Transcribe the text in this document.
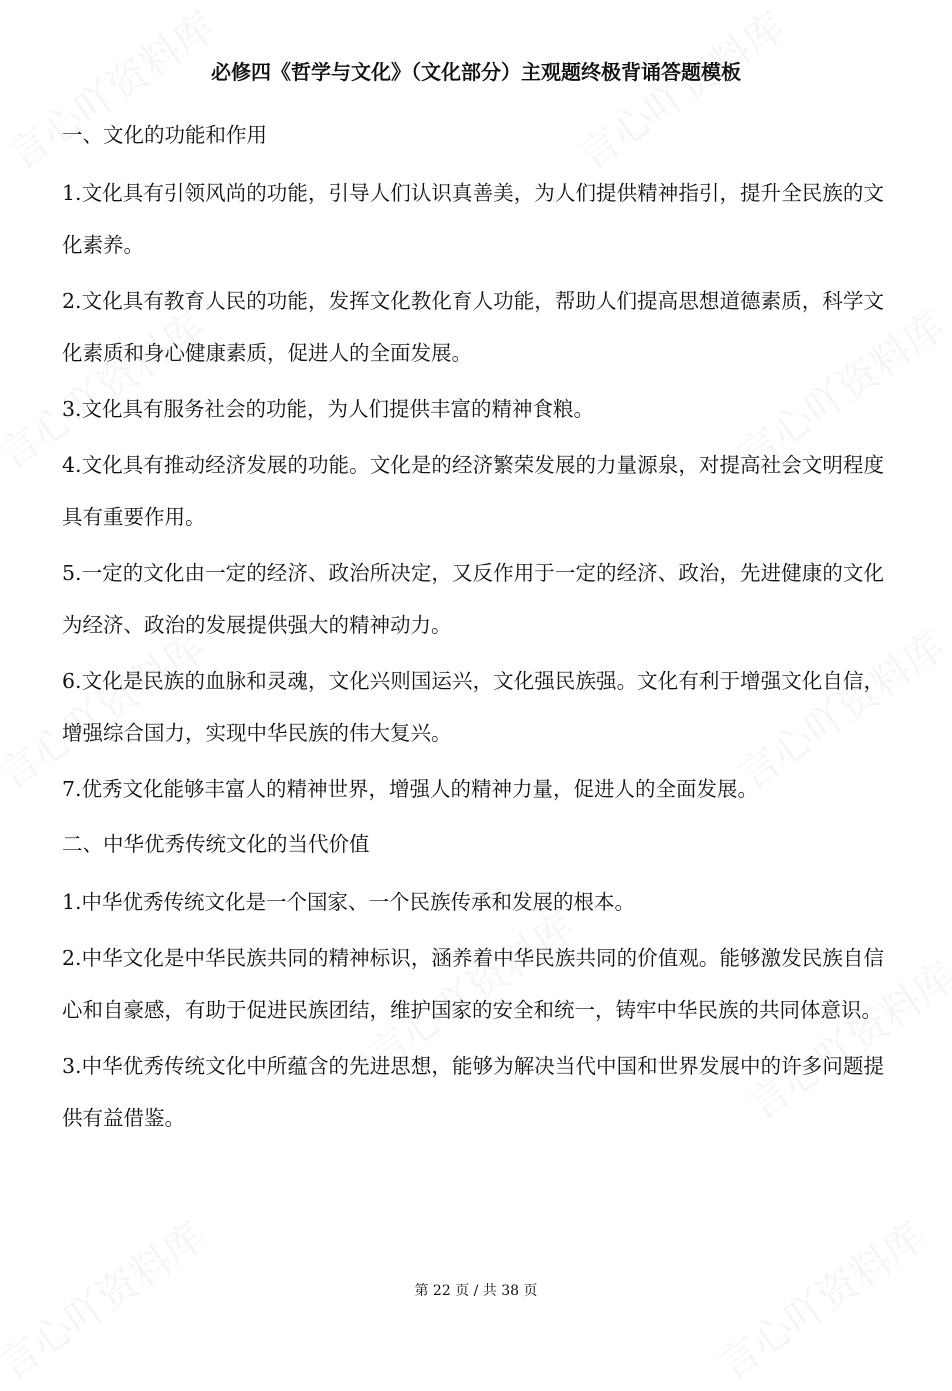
必修四《哲学与文化》（文化部分）主观题终极背诵答题模板
一、文化的功能和作用
1.文化具有引领风尚的功能，引导人们认识真善美，为人们提供精神指引，提升全民族的文化素养。
2.文化具有教育人民的功能，发挥文化教化育人功能，帮助人们提高思想道德素质，科学文化素质和身心健康素质，促进人的全面发展。
3.文化具有服务社会的功能，为人们提供丰富的精神食粮。
4.文化具有推动经济发展的功能。文化是的经济繁荣发展的力量源泉，对提高社会文明程度具有重要作用。
5.一定的文化由一定的经济、政治所决定，又反作用于一定的经济、政治，先进健康的文化为经济、政治的发展提供强大的精神动力。
6.文化是民族的血脉和灵魂，文化兴则国运兴，文化强民族强。文化有利于增强文化自信，增强综合国力，实现中华民族的伟大复兴。
7.优秀文化能够丰富人的精神世界，增强人的精神力量，促进人的全面发展。
二、中华优秀传统文化的当代价值
1.中华优秀传统文化是一个国家、一个民族传承和发展的根本。
2.中华文化是中华民族共同的精神标识，涵养着中华民族共同的价值观。能够激发民族自信心和自豪感，有助于促进民族团结，维护国家的安全和统一，铸牢中华民族的共同体意识。
3.中华优秀传统文化中所蕴含的先进思想，能够为解决当代中国和世界发展中的许多问题提供有益借鉴。
第 22 页 / 共 38 页
